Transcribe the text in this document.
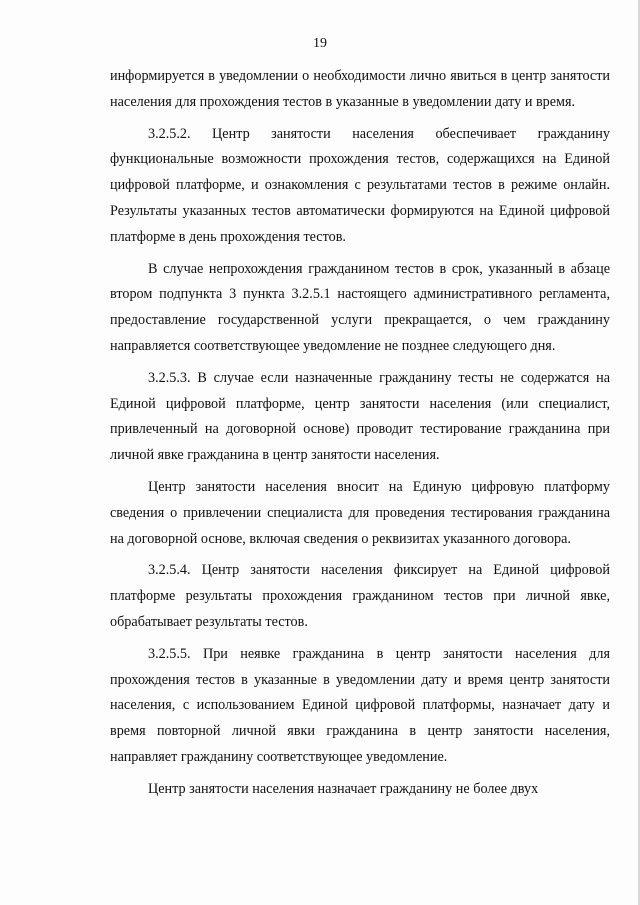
19

информируется в уведомлении о необходимости лично явиться в центр занятости населения для прохождения тестов в указанные в уведомлении дату и время.

3.2.5.2. Центр занятости населения обеспечивает гражданину функциональные возможности прохождения тестов, содержащихся на Единой цифровой платформе, и ознакомления с результатами тестов в режиме онлайн. Результаты указанных тестов автоматически формируются на Единой цифровой платформе в день прохождения тестов.

В случае непрохождения гражданином тестов в срок, указанный в абзаце втором подпункта 3 пункта 3.2.5.1 настоящего административного регламента, предоставление государственной услуги прекращается, о чем гражданину направляется соответствующее уведомление не позднее следующего дня.

3.2.5.3. В случае если назначенные гражданину тесты не содержатся на Единой цифровой платформе, центр занятости населения (или специалист, привлеченный на договорной основе) проводит тестирование гражданина при личной явке гражданина в центр занятости населения.

Центр занятости населения вносит на Единую цифровую платформу сведения о привлечении специалиста для проведения тестирования гражданина на договорной основе, включая сведения о реквизитах указанного договора.

3.2.5.4. Центр занятости населения фиксирует на Единой цифровой платформе результаты прохождения гражданином тестов при личной явке, обрабатывает результаты тестов.

3.2.5.5. При неявке гражданина в центр занятости населения для прохождения тестов в указанные в уведомлении дату и время центр занятости населения, с использованием Единой цифровой платформы, назначает дату и время повторной личной явки гражданина в центр занятости населения, направляет гражданину соответствующее уведомление.

Центр занятости населения назначает гражданину не более двух
